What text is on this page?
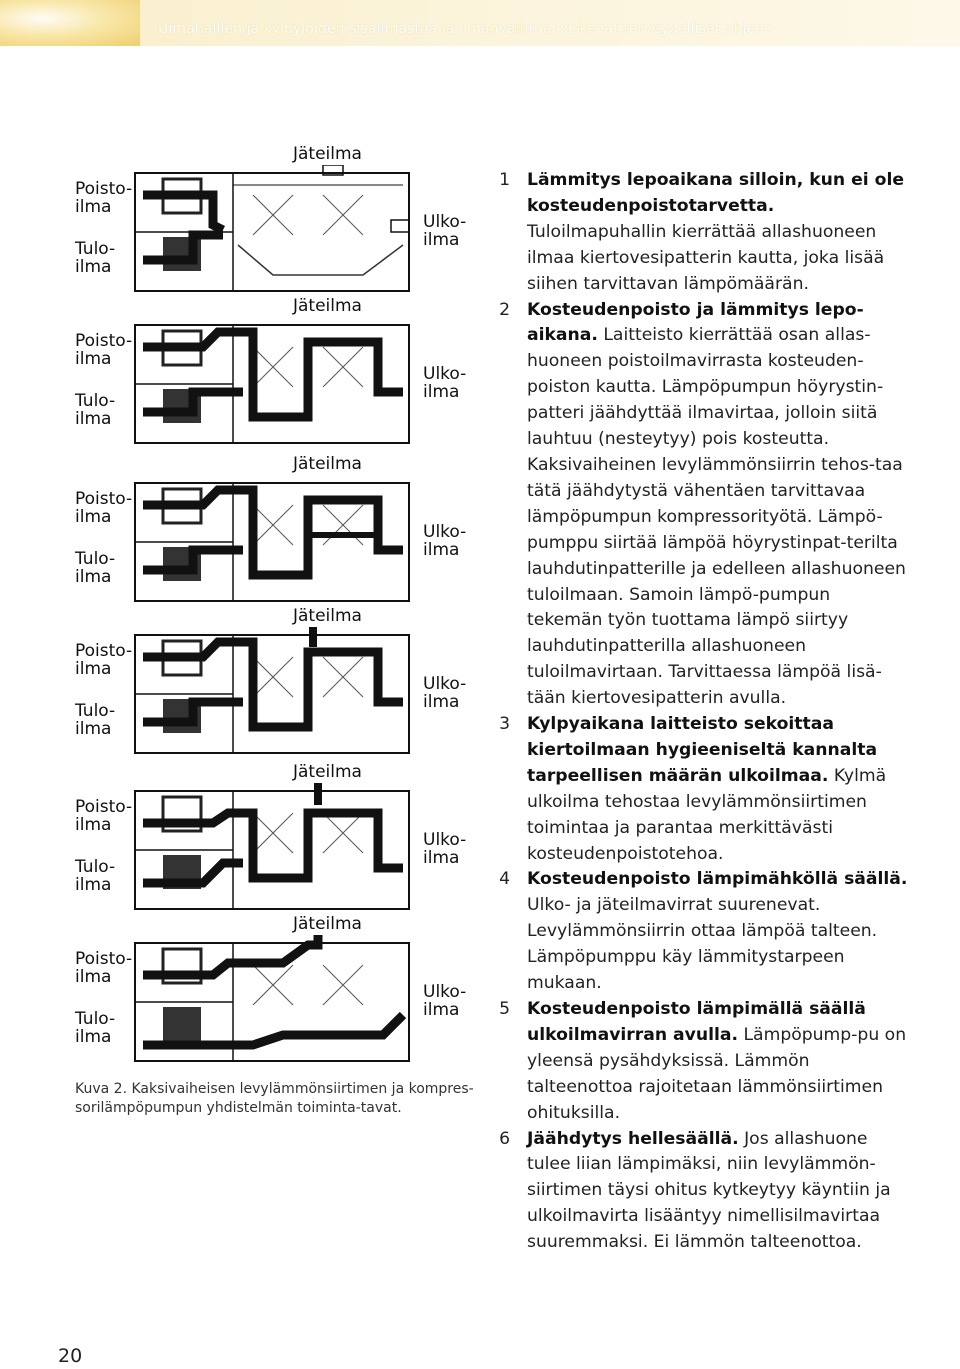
Uimahallien ja kylpylöiden sisäilmastoa ja ilmanvaihtoa koskevat terveydelliset ohjeet
Jäteilma
Poisto-
ilma
Tulo-
ilma
Ulko-
ilma
Jäteilma
Poisto-
ilma
Tulo-
ilma
Ulko-
ilma
Jäteilma
Poisto-
ilma
Tulo-
ilma
Ulko-
ilma
Jäteilma
Poisto-
ilma
Tulo-
ilma
Ulko-
ilma
Jäteilma
Poisto-
ilma
Tulo-
ilma
Ulko-
ilma
Jäteilma
Poisto-
ilma
Tulo-
ilma
Ulko-
ilma
Kuva 2. Kaksivaiheisen levylämmönsiirtimen ja kompres-
sorilämpöpumpun yhdistelmän toiminta-tavat.
1 Lämmitys lepoaikana silloin, kun ei ole kosteudenpoistotarvetta. Tuloilmapuhallin kierrättää allashuoneen ilmaa kiertovesipatterin kautta, joka lisää siihen tarvittavan lämpömäärän.
2 Kosteudenpoisto ja lämmitys lepo-aikana. Laitteisto kierrättää osan allas-huoneen poistoilmavirrasta kosteuden-poiston kautta. Lämpöpumpun höyrystin-patteri jäähdyttää ilmavirtaa, jolloin siitä lauhtuu (nesteytyy) pois kosteutta. Kaksivaiheinen levylämmönsiirrin tehos-taa tätä jäähdytystä vähentäen tarvittavaa lämpöpumpun kompressorityötä. Lämpö-pumppu siirtää lämpöä höyrystinpat-terilta lauhdutinpatterille ja edelleen allashuoneen tuloilmaan. Samoin lämpö-pumpun tekemän työn tuottama lämpö siirtyy lauhdutinpatterilla allashuoneen tuloilmavirtaan. Tarvittaessa lämpöä lisä-tään kiertovesipatterin avulla.
3 Kylpyaikana laitteisto sekoittaa kiertoilmaan hygieeniseltä kannalta tarpeellisen määrän ulkoilmaa. Kylmä ulkoilma tehostaa levylämmönsiirtimen toimintaa ja parantaa merkittävästi kosteudenpoistotehoa.
4 Kosteudenpoisto lämpimähköllä säällä. Ulko- ja jäteilmavirrat suurenevat. Levylämmönsiirrin ottaa lämpöä talteen. Lämpöpumppu käy lämmitystarpeen mukaan.
5 Kosteudenpoisto lämpimällä säällä ulkoilmavirran avulla. Lämpöpump-pu on yleensä pysähdyksissä. Lämmön talteenottoa rajoitetaan lämmönsiirtimen ohituksilla.
6 Jäähdytys hellesäällä. Jos allashuone tulee liian lämpimäksi, niin levylämmön-siirtimen täysi ohitus kytkeytyy käyntiin ja ulkoilmavirta lisääntyy nimellisilmavirtaa suuremmaksi. Ei lämmön talteenottoa.
20
